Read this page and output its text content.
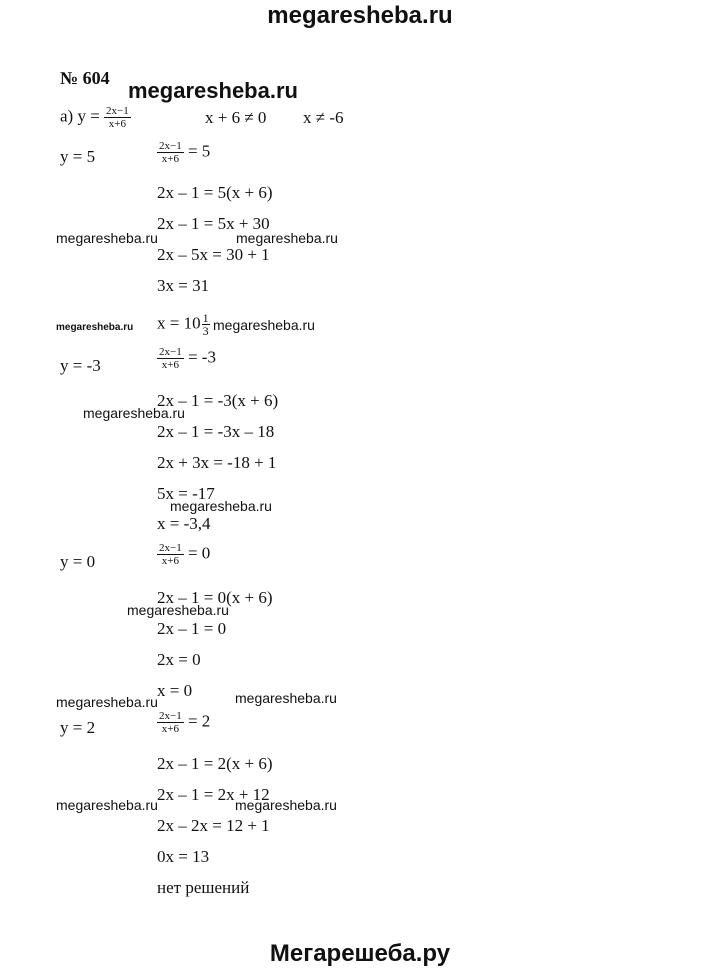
megaresheba.ru
Мегарешеба.ру
№ 604 megaresheba.ru
а) $y = \frac{2x-1}{x+6}$	x + 6 ≠ 0 x ≠ -6
y = 5	$\frac{2x-1}{x+6} = 5$
2x – 1 = 5(x + 6)
2x – 1 = 5x + 30
megaresheba.ru	megaresheba.ru
2x – 5x = 30 + 1
3x = 31
$x = 10 \frac{1}{3}$
megaresheba.ru	megaresheba.ru
y = -3	$\frac{2x-1}{x+6} = -3$
2x – 1 = -3(x + 6)
megaresheba.ru
2x – 1 = -3x – 18
2x + 3x = -18 + 1
5x = -17
megaresheba.ru
x = -3,4
y = 0	$\frac{2x-1}{x+6} = 0$
2x – 1 = 0(x + 6)
megaresheba.ru
2x – 1 = 0
2x = 0
x = 0
megaresheba.ru	megaresheba.ru
y = 2	$\frac{2x-1}{x+6} = 2$
2x – 1 = 2(x + 6)
2x – 1 = 2x + 12
megaresheba.ru	megaresheba.ru
2x – 2x = 12 + 1
0x = 13
нет решений
